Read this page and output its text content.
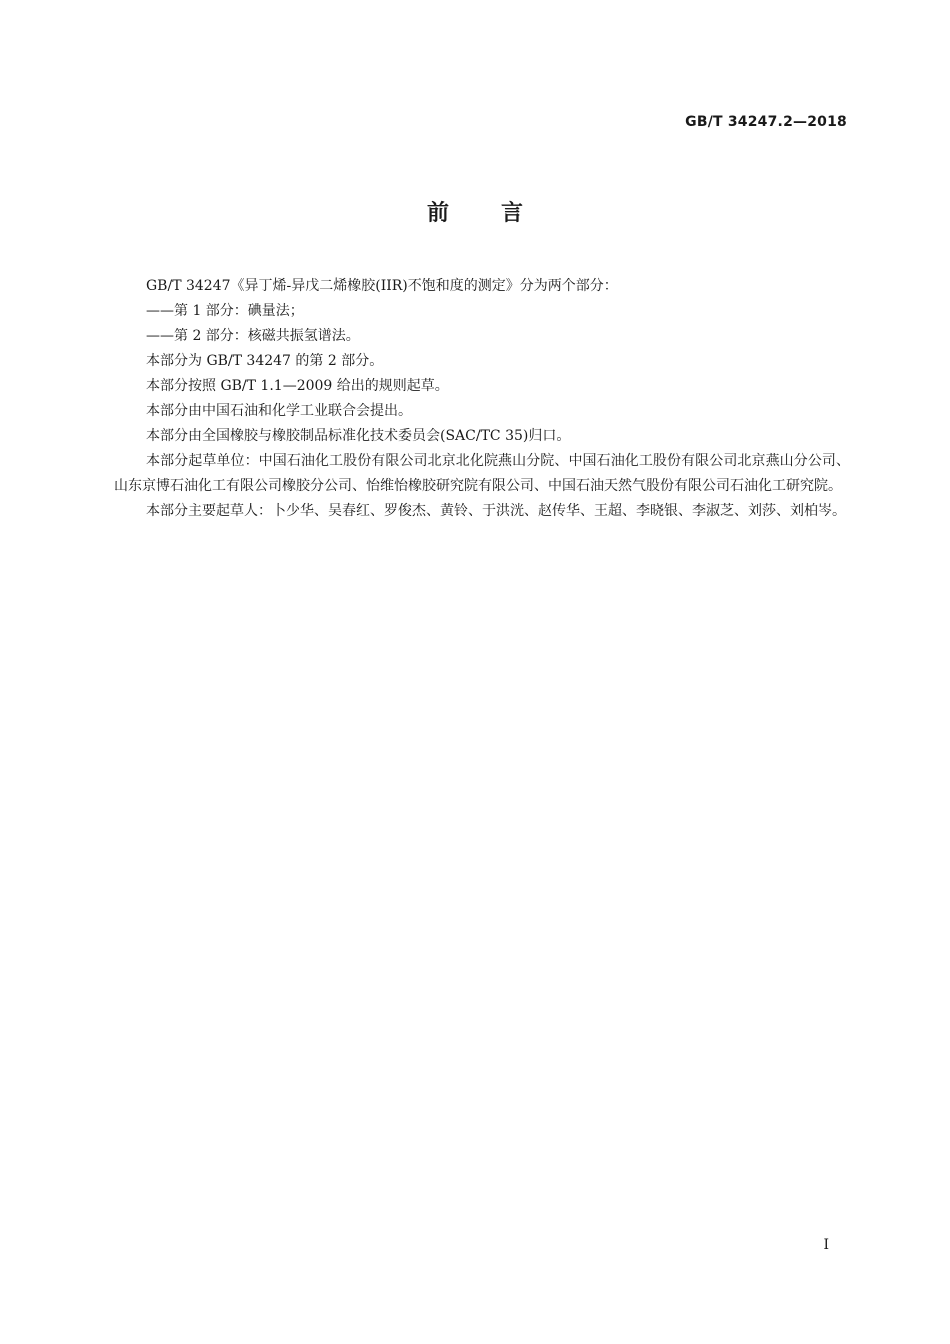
GB/T 34247.2—2018
前 言

GB/T 34247《异丁烯-异戊二烯橡胶(IIR)不饱和度的测定》分为两个部分：

——第 1 部分：碘量法；

——第 2 部分：核磁共振氢谱法。

本部分为 GB/T 34247 的第 2 部分。

本部分按照 GB/T 1.1—2009 给出的规则起草。

本部分由中国石油和化学工业联合会提出。

本部分由全国橡胶与橡胶制品标准化技术委员会(SAC/TC 35)归口。

本部分起草单位：中国石油化工股份有限公司北京北化院燕山分院、中国石油化工股份有限公司北京燕山分公司、山东京博石油化工有限公司橡胶分公司、怡维怡橡胶研究院有限公司、中国石油天然气股份有限公司石油化工研究院。

本部分主要起草人：卜少华、吴春红、罗俊杰、黄铃、于洪洸、赵传华、王超、李晓银、李淑芝、刘莎、刘柏岑。

I
